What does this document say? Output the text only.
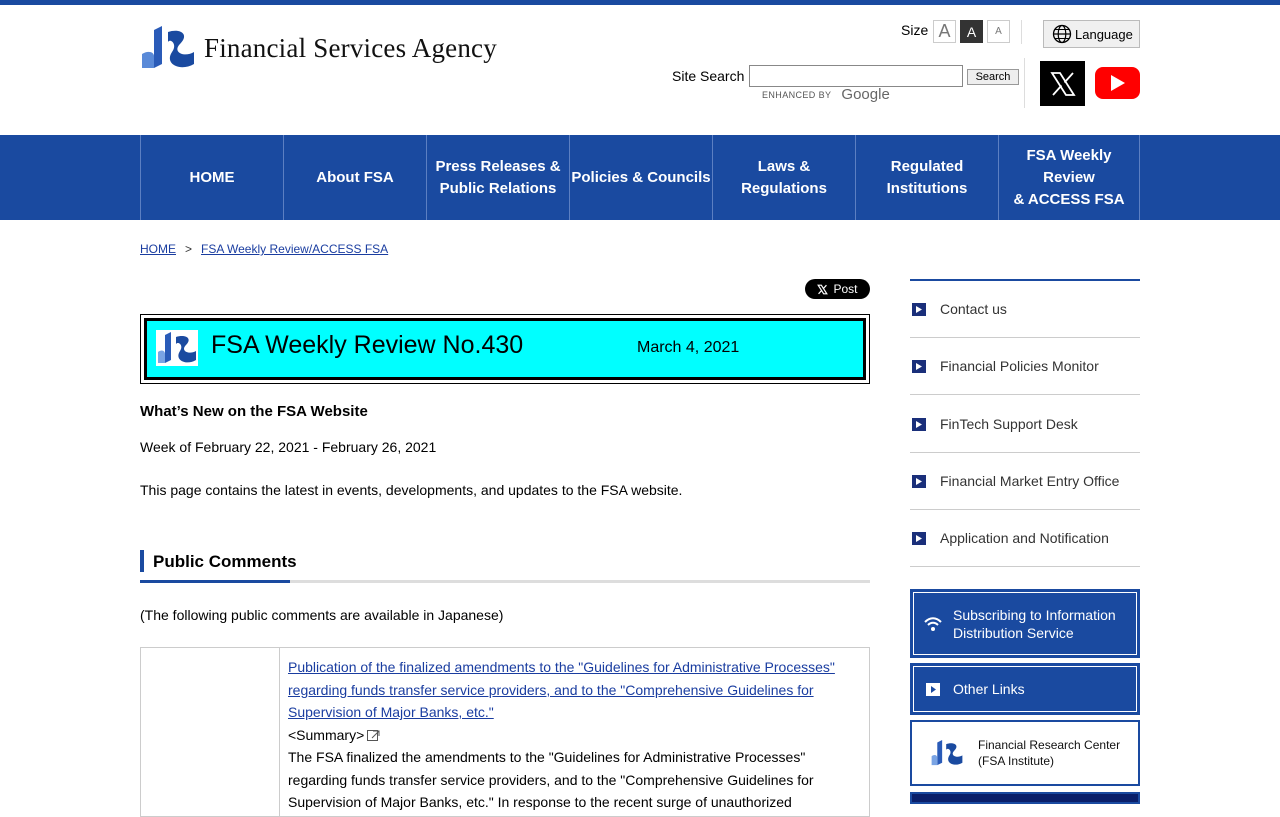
Financial Services Agency
Size A	A	A	Language
Site Search	Search
ENHANCED BY Google
HOME	About FSA
Press Releases &
Public Relations
Policies & Councils
Laws &
Regulations
Regulated
Institutions
FSA Weekly Review
& ACCESS FSA
HOME > FSA Weekly Review/ACCESS FSA
Post
FSA Weekly Review No.430	March 4, 2021
What’s New on the FSA Website
Week of February 22, 2021 - February 26, 2021
This page contains the latest in events, developments, and updates to the FSA website.
Public Comments
(The following public comments are available in Japanese)
Publication of the finalized amendments to the "Guidelines for Administrative Processes" regarding funds transfer service providers, and to the "Comprehensive Guidelines for Supervision of Major Banks, etc."
<Summary>
The FSA finalized the amendments to the "Guidelines for Administrative Processes" regarding funds transfer service providers, and to the "Comprehensive Guidelines for Supervision of Major Banks, etc." In response to the recent surge of unauthorized
Contact us
Financial Policies Monitor
FinTech Support Desk
Financial Market Entry Office
Application and Notification
Subscribing to Information Distribution Service
Other Links
Financial Research Center (FSA Institute)
